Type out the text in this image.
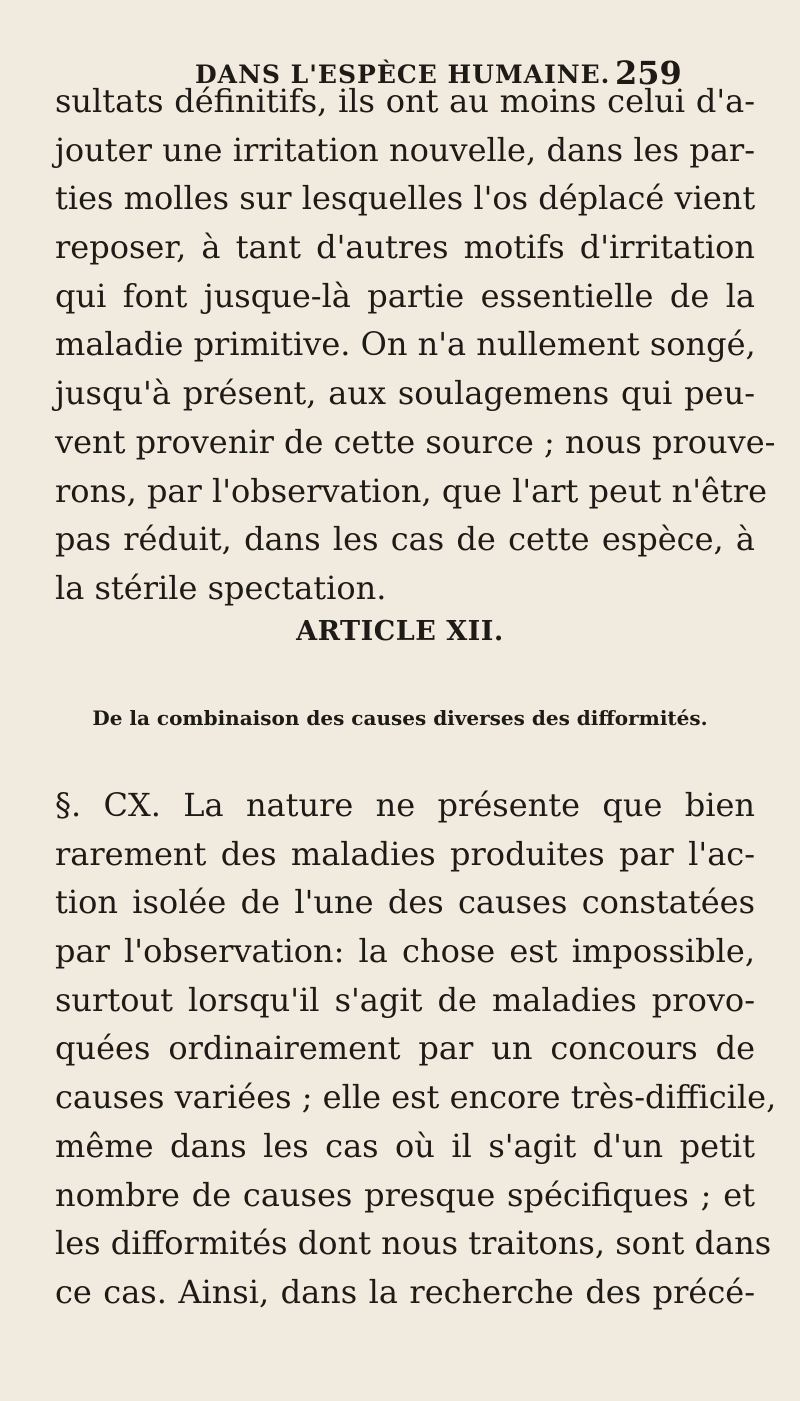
DANS L'ESPÈCE HUMAINE. 259
sultats définitifs, ils ont au moins celui d'a-
jouter une irritation nouvelle, dans les par-
ties molles sur lesquelles l'os déplacé vient
reposer, à tant d'autres motifs d'irritation
qui font jusque-là partie essentielle de la
maladie primitive. On n'a nullement songé,
jusqu'à présent, aux soulagemens qui peu-
vent provenir de cette source ; nous prouve-
rons, par l'observation, que l'art peut n'être
pas réduit, dans les cas de cette espèce, à
la stérile spectation.
ARTICLE XII.
De la combinaison des causes diverses des difformités.
§. CX. La nature ne présente que bien
rarement des maladies produites par l'ac-
tion isolée de l'une des causes constatées
par l'observation: la chose est impossible,
surtout lorsqu'il s'agit de maladies provo-
quées ordinairement par un concours de
causes variées ; elle est encore très-difficile,
même dans les cas où il s'agit d'un petit
nombre de causes presque spécifiques ; et
les difformités dont nous traitons, sont dans
ce cas. Ainsi, dans la recherche des précé-
